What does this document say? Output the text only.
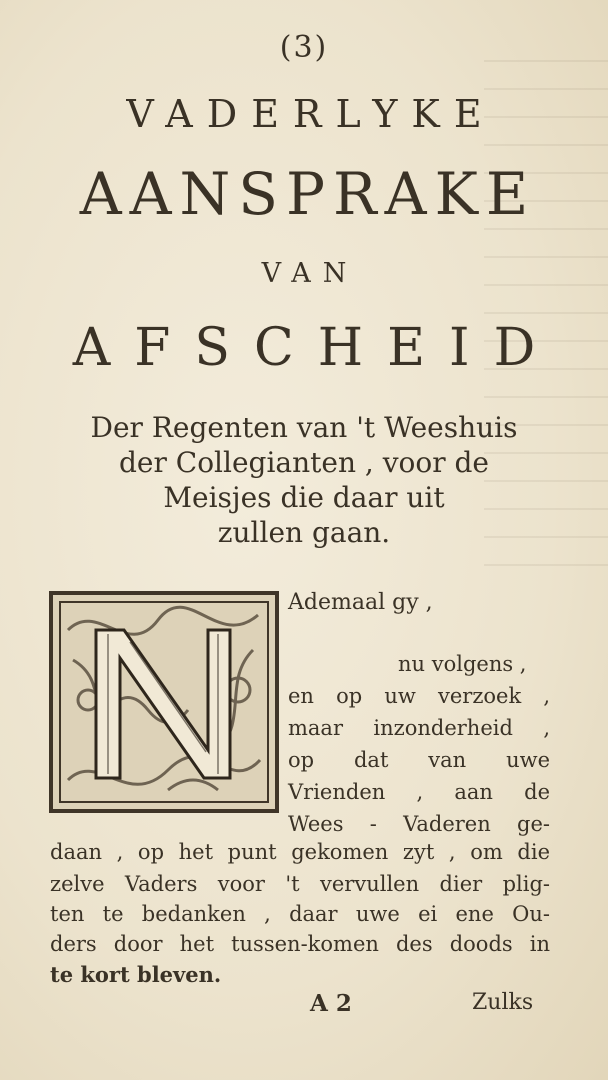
(3)
VADERLYKE
AANSPRAKE
VAN
AFSCHEID
Der Regenten van 't Weeshuis
der Collegianten , voor de
Meisjes die daar uit
zullen gaan.
Ademaal gy ,
nu volgens ,
en op uw verzoek ,
maar inzonderheid ,
op dat van uwe
Vrienden , aan de
Wees - Vaderen ge-
daan , op het punt gekomen zyt , om die
zelve Vaders voor 't vervullen dier plig-
ten te bedanken , daar uwe ei ene Ou-
ders door het tussen-komen des doods in
te kort bleven.
A 2	Zulks
